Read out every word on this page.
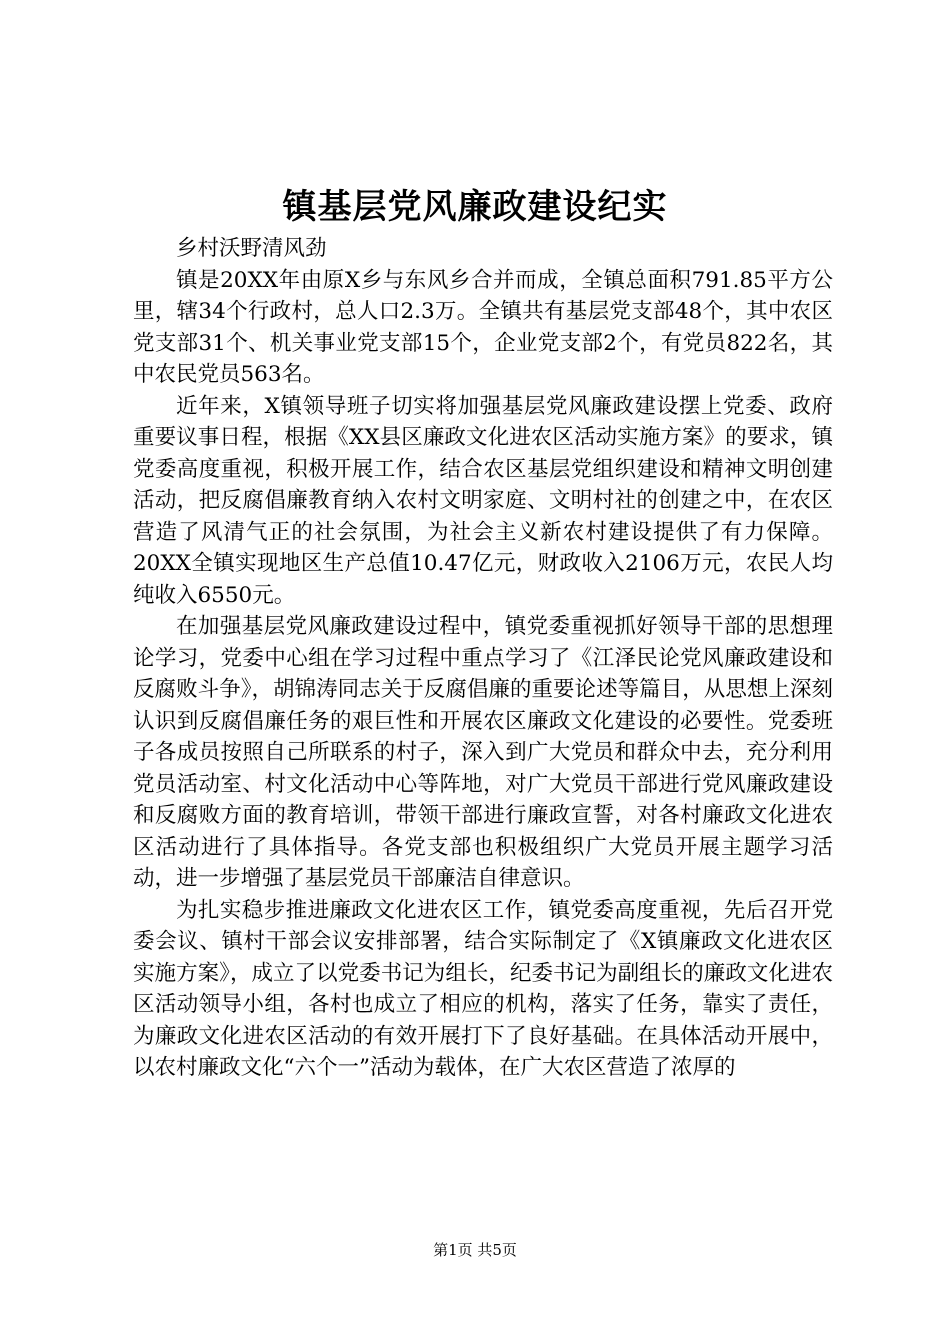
镇基层党风廉政建设纪实

乡村沃野清风劲

镇是20XX年由原X乡与东风乡合并而成，全镇总面积791.85平方公里，辖34个行政村，总人口2.3万。全镇共有基层党支部48个，其中农区党支部31个、机关事业党支部15个，企业党支部2个，有党员822名，其中农民党员563名。

近年来，X镇领导班子切实将加强基层党风廉政建设摆上党委、政府重要议事日程，根据《XX县区廉政文化进农区活动实施方案》的要求，镇党委高度重视，积极开展工作，结合农区基层党组织建设和精神文明创建活动，把反腐倡廉教育纳入农村文明家庭、文明村社的创建之中，在农区营造了风清气正的社会氛围，为社会主义新农村建设提供了有力保障。20XX全镇实现地区生产总值10.47亿元，财政收入2106万元，农民人均纯收入6550元。

在加强基层党风廉政建设过程中，镇党委重视抓好领导干部的思想理论学习，党委中心组在学习过程中重点学习了《江泽民论党风廉政建设和反腐败斗争》，胡锦涛同志关于反腐倡廉的重要论述等篇目，从思想上深刻认识到反腐倡廉任务的艰巨性和开展农区廉政文化建设的必要性。党委班子各成员按照自己所联系的村子，深入到广大党员和群众中去，充分利用党员活动室、村文化活动中心等阵地，对广大党员干部进行党风廉政建设和反腐败方面的教育培训，带领干部进行廉政宣誓，对各村廉政文化进农区活动进行了具体指导。各党支部也积极组织广大党员开展主题学习活动，进一步增强了基层党员干部廉洁自律意识。

为扎实稳步推进廉政文化进农区工作，镇党委高度重视，先后召开党委会议、镇村干部会议安排部署，结合实际制定了《X镇廉政文化进农区实施方案》，成立了以党委书记为组长，纪委书记为副组长的廉政文化进农区活动领导小组，各村也成立了相应的机构，落实了任务，靠实了责任，为廉政文化进农区活动的有效开展打下了良好基础。在具体活动开展中，以农村廉政文化“六个一”活动为载体，在广大农区营造了浓厚的

第1页 共5页
